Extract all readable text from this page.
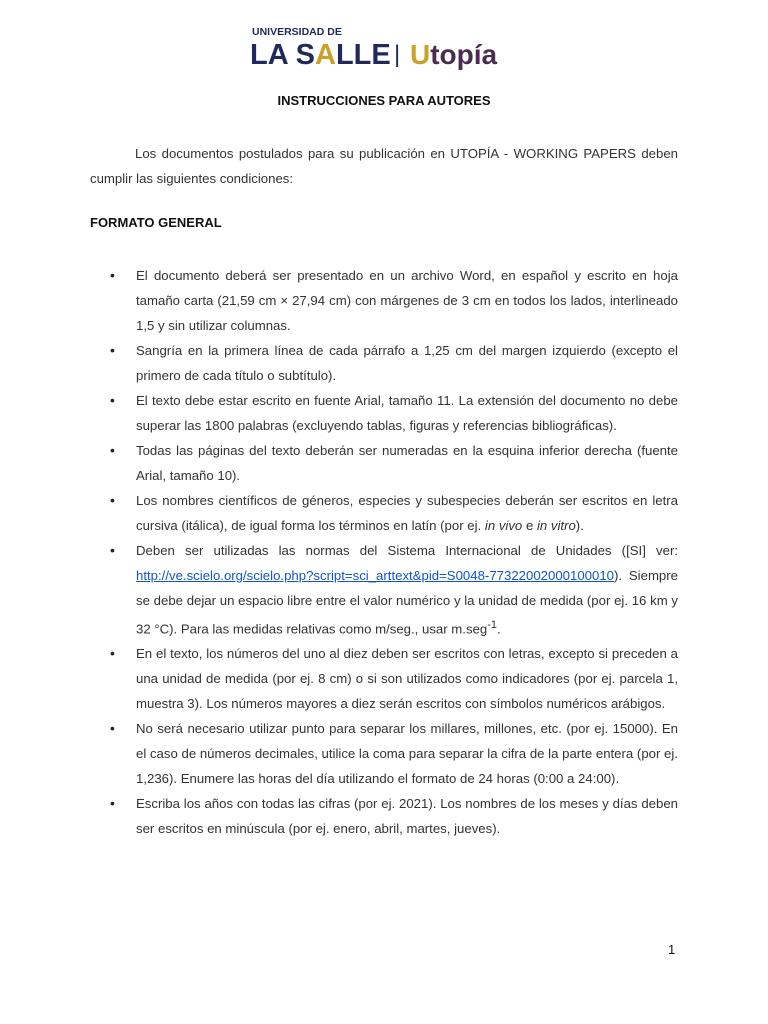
UNIVERSIDAD DE
LA SALLE | Utopía
INSTRUCCIONES PARA AUTORES

Los documentos postulados para su publicación en UTOPÍA - WORKING PAPERS deben cumplir las siguientes condiciones:

FORMATO GENERAL
• El documento deberá ser presentado en un archivo Word, en español y escrito en hoja tamaño carta (21,59 cm × 27,94 cm) con márgenes de 3 cm en todos los lados, interlineado 1,5 y sin utilizar columnas.
• Sangría en la primera línea de cada párrafo a 1,25 cm del margen izquierdo (excepto el primero de cada título o subtítulo).
• El texto debe estar escrito en fuente Arial, tamaño 11. La extensión del documento no debe superar las 1800 palabras (excluyendo tablas, figuras y referencias bibliográficas).
• Todas las páginas del texto deberán ser numeradas en la esquina inferior derecha (fuente Arial, tamaño 10).
• Los nombres científicos de géneros, especies y subespecies deberán ser escritos en letra cursiva (itálica), de igual forma los términos en latín (por ej. in vivo e in vitro).
• Deben ser utilizadas las normas del Sistema Internacional de Unidades ([SI] ver: http://ve.scielo.org/scielo.php?script=sci_arttext&pid=S0048-77322002000100010). Siempre se debe dejar un espacio libre entre el valor numérico y la unidad de medida (por ej. 16 km y 32 °C). Para las medidas relativas como m/seg., usar m.seg$^{-1}$.
• En el texto, los números del uno al diez deben ser escritos con letras, excepto si preceden a una unidad de medida (por ej. 8 cm) o si son utilizados como indicadores (por ej. parcela 1, muestra 3). Los números mayores a diez serán escritos con símbolos numéricos arábigos.
• No será necesario utilizar punto para separar los millares, millones, etc. (por ej. 15000). En el caso de números decimales, utilice la coma para separar la cifra de la parte entera (por ej. 1,236). Enumere las horas del día utilizando el formato de 24 horas (0:00 a 24:00).
• Escriba los años con todas las cifras (por ej. 2021). Los nombres de los meses y días deben ser escritos en minúscula (por ej. enero, abril, martes, jueves).
1
